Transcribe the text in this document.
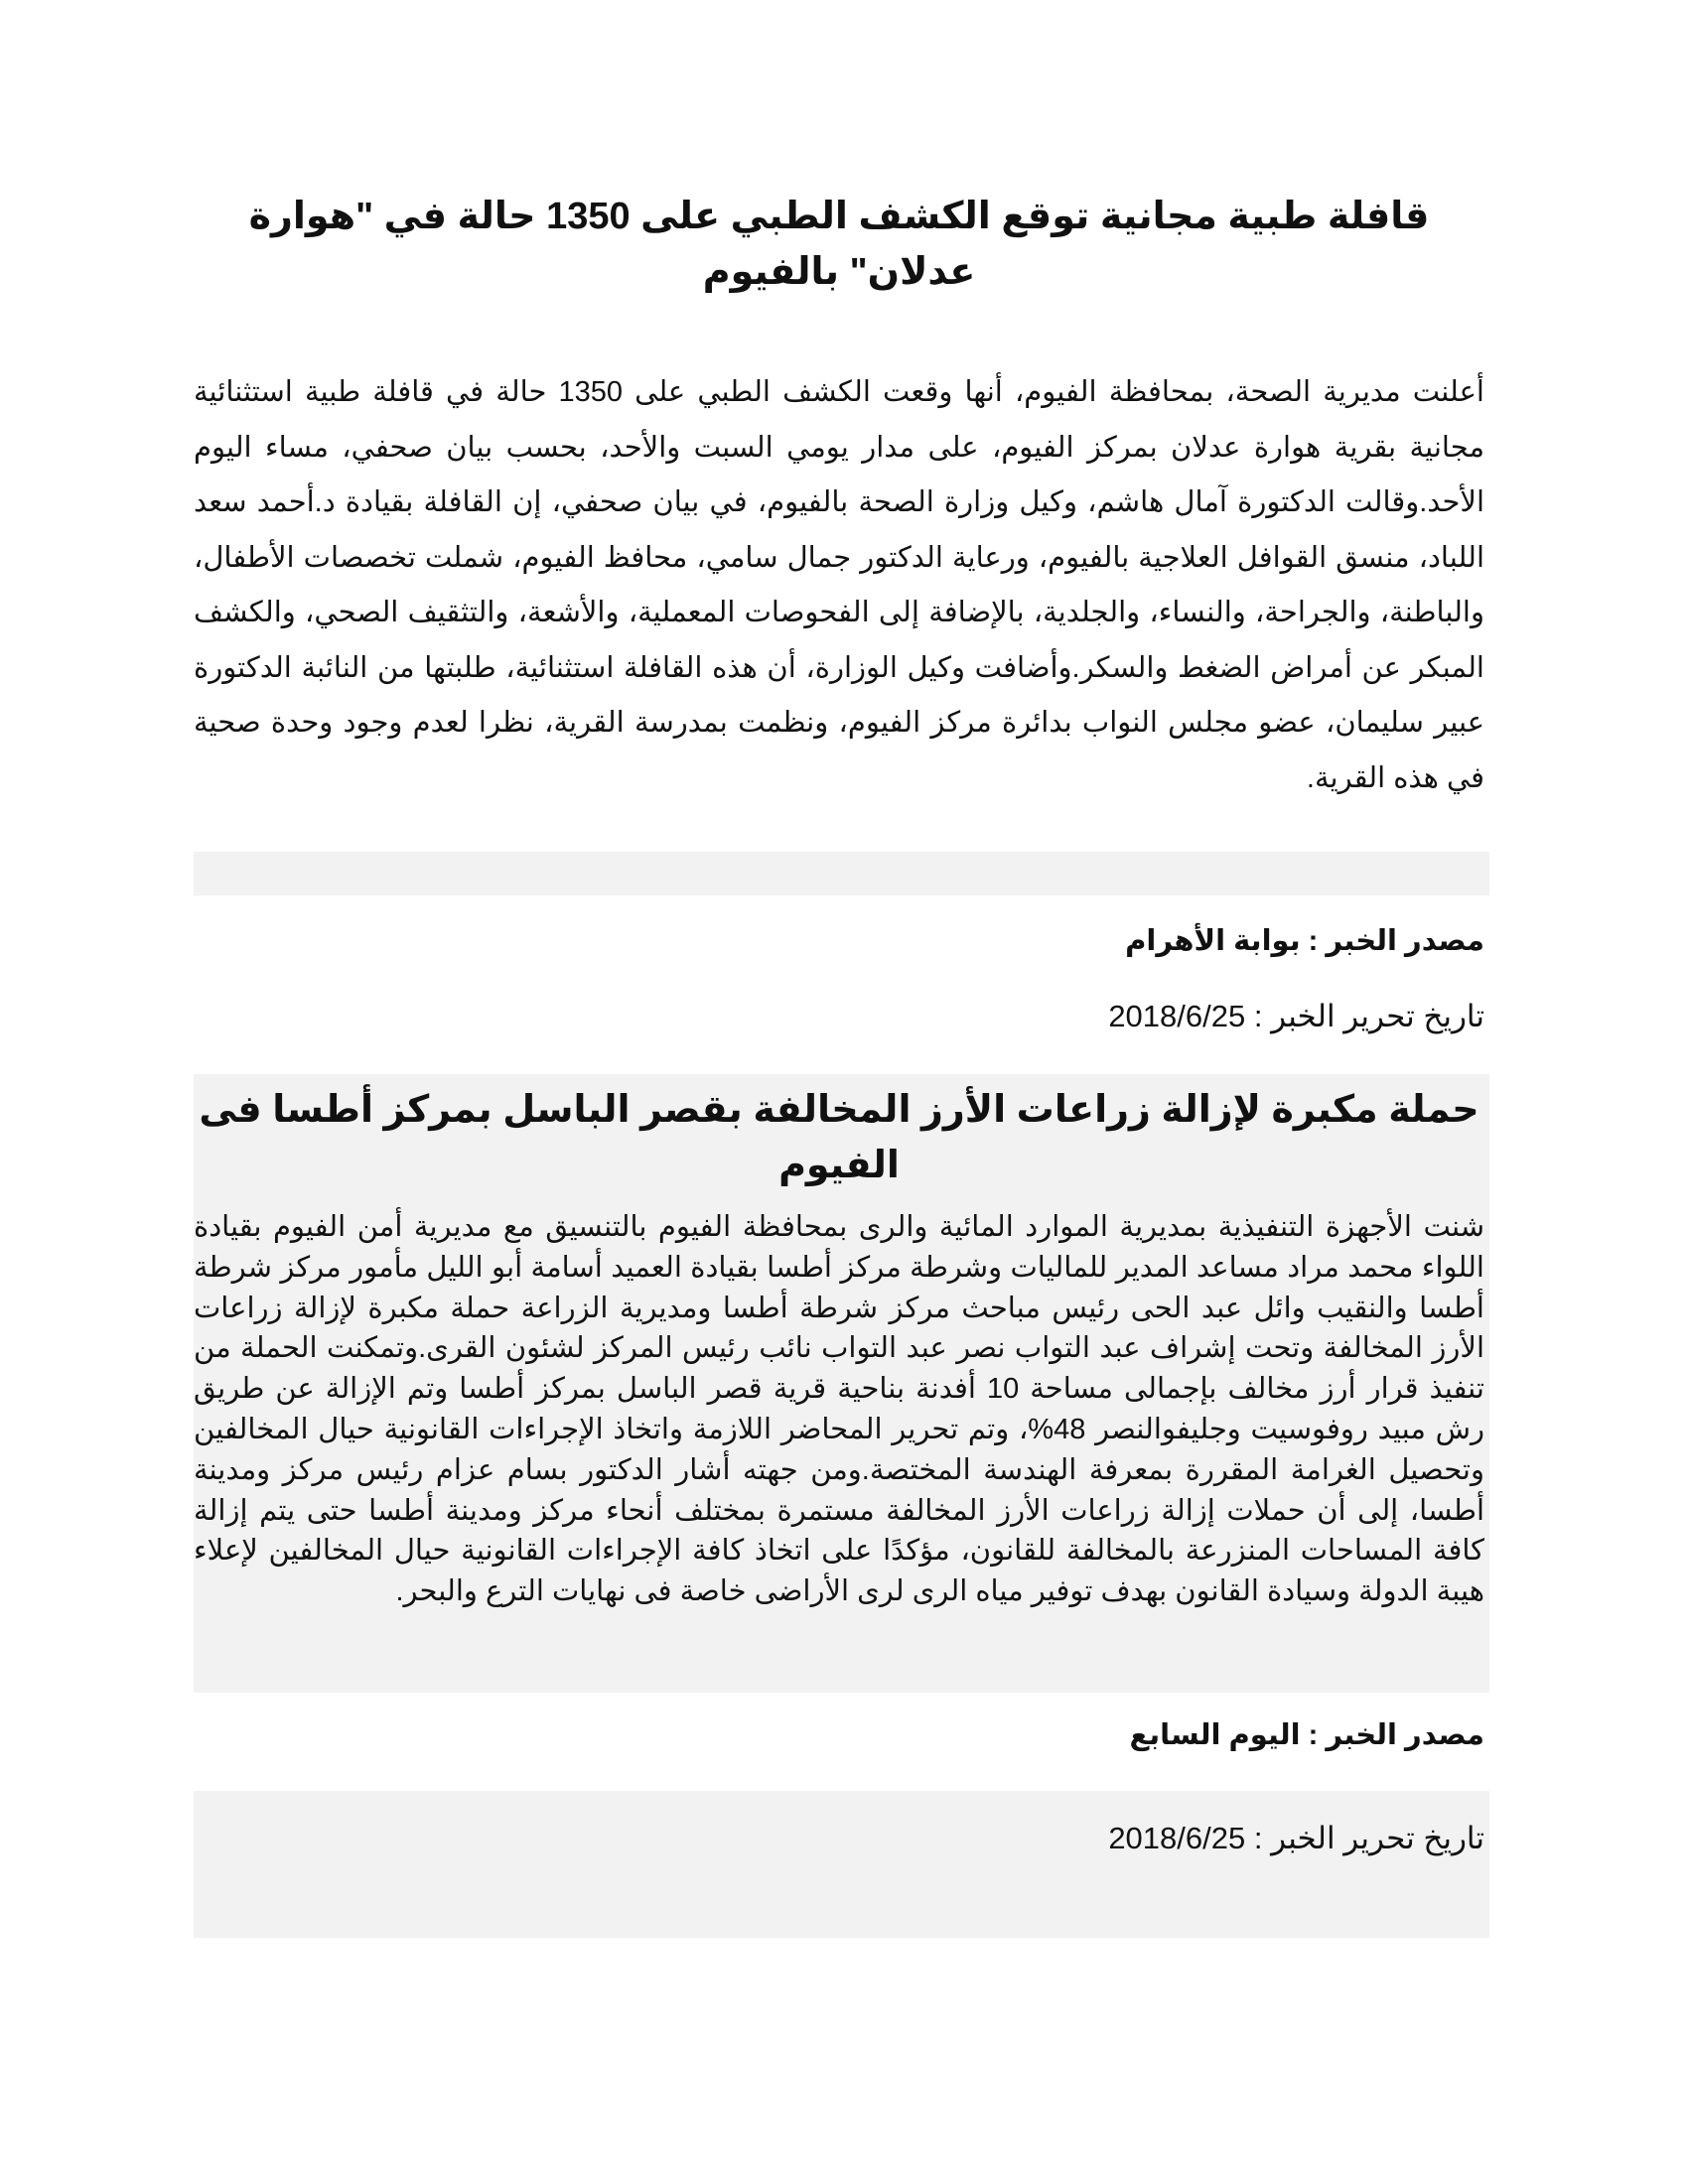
قافلة طبية مجانية توقع الكشف الطبي على 1350 حالة في "هوارة عدلان" بالفيوم

أعلنت مديرية الصحة، بمحافظة الفيوم، أنها وقعت الكشف الطبي على 1350 حالة في قافلة طبية استثنائية مجانية بقرية هوارة عدلان بمركز الفيوم، على مدار يومي السبت والأحد، بحسب بيان صحفي، مساء اليوم الأحد.وقالت الدكتورة آمال هاشم، وكيل وزارة الصحة بالفيوم، في بيان صحفي، إن القافلة بقيادة د.أحمد سعد اللباد، منسق القوافل العلاجية بالفيوم، ورعاية الدكتور جمال سامي، محافظ الفيوم، شملت تخصصات الأطفال، والباطنة، والجراحة، والنساء، والجلدية، بالإضافة إلى الفحوصات المعملية، والأشعة، والتثقيف الصحي، والكشف المبكر عن أمراض الضغط والسكر.وأضافت وكيل الوزارة، أن هذه القافلة استثنائية، طلبتها من النائبة الدكتورة عبير سليمان، عضو مجلس النواب بدائرة مركز الفيوم، ونظمت بمدرسة القرية، نظرا لعدم وجود وحدة صحية في هذه القرية.

مصدر الخبر : بوابة الأهرام

تاريخ تحرير الخبر : 2018/6/25

حملة مكبرة لإزالة زراعات الأرز المخالفة بقصر الباسل بمركز أطسا فى الفيوم

شنت الأجهزة التنفيذية بمديرية الموارد المائية والرى بمحافظة الفيوم بالتنسيق مع مديرية أمن الفيوم بقيادة اللواء محمد مراد مساعد المدير للماليات وشرطة مركز أطسا بقيادة العميد أسامة أبو الليل مأمور مركز شرطة أطسا والنقيب وائل عبد الحى رئيس مباحث مركز شرطة أطسا ومديرية الزراعة حملة مكبرة لإزالة زراعات الأرز المخالفة وتحت إشراف عبد التواب نصر عبد التواب نائب رئيس المركز لشئون القرى.وتمكنت الحملة من تنفيذ قرار أرز مخالف بإجمالى مساحة 10 أفدنة بناحية قرية قصر الباسل بمركز أطسا وتم الإزالة عن طريق رش مبيد روفوسيت وجليفوالنصر 48%، وتم تحرير المحاضر اللازمة واتخاذ الإجراءات القانونية حيال المخالفين وتحصيل الغرامة المقررة بمعرفة الهندسة المختصة.ومن جهته أشار الدكتور بسام عزام رئيس مركز ومدينة أطسا، إلى أن حملات إزالة زراعات الأرز المخالفة مستمرة بمختلف أنحاء مركز ومدينة أطسا حتى يتم إزالة كافة المساحات المنزرعة بالمخالفة للقانون، مؤكدًا على اتخاذ كافة الإجراءات القانونية حيال المخالفين لإعلاء هيبة الدولة وسيادة القانون بهدف توفير مياه الرى لرى الأراضى خاصة فى نهايات الترع والبحر.

مصدر الخبر : اليوم السابع

تاريخ تحرير الخبر : 2018/6/25
